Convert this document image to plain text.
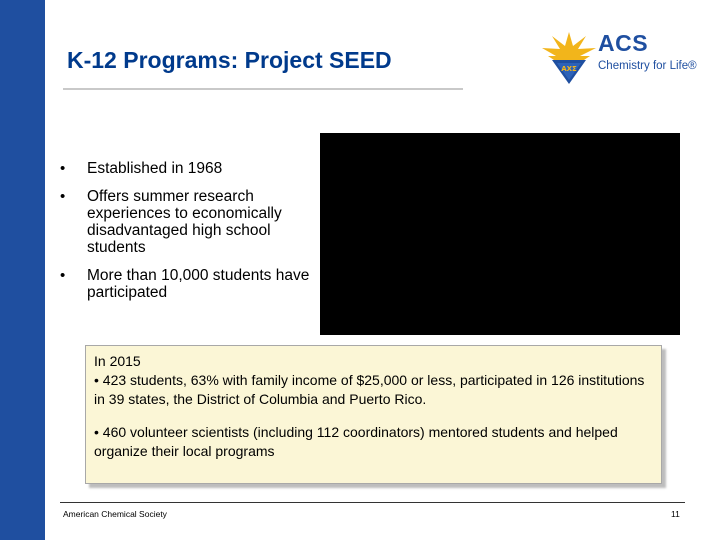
K-12 Programs: Project SEED	ΑΧΣ
ACS
Chemistry for Life®
• Established in 1968
• Offers summer research experiences to economically disadvantaged high school students
• More than 10,000 students have participated
In 2015
• 423 students, 63% with family income of $25,000 or less, participated in 126 institutions in 39 states, the District of Columbia and Puerto Rico.
• 460 volunteer scientists (including 112 coordinators) mentored students and helped organize their local programs
American Chemical Society	11
